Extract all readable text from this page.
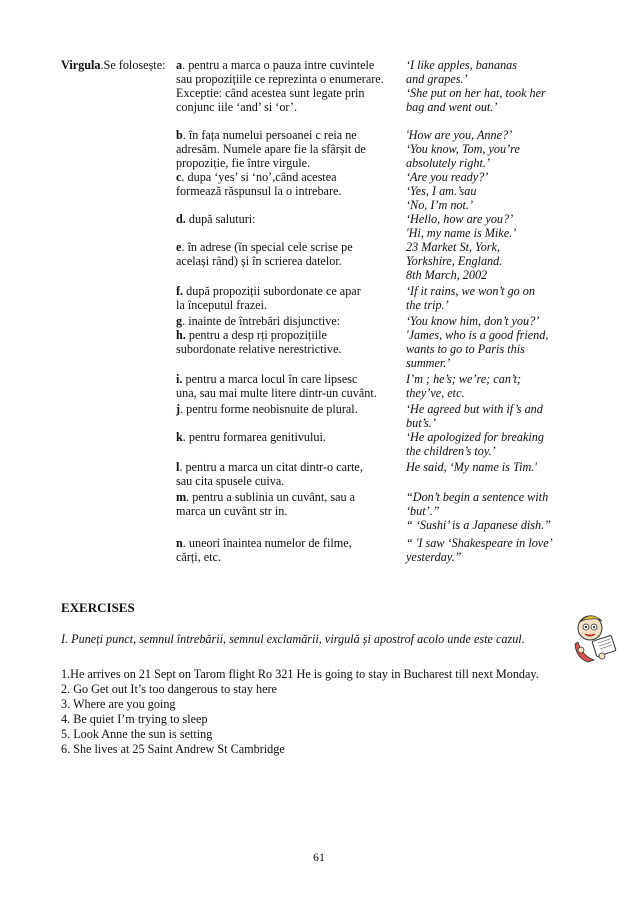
Virgula.Se folosește: a. pentru a marca o pauza intre cuvintele
sau propozițiile ce reprezinta o enumerare.
Exceptie: când acestea sunt legate prin
conjunc iile ‘and’ si ‘or’.
b. în fața numelui persoanei c reia ne
adresăm. Numele apare fie la sfârșit de
propoziție, fie între virgule.
c. dupa ‘yes’ si ‘no’,când acestea
formează răspunsul la o intrebare.
d. după saluturi:
e. în adrese (în special cele scrise pe
același rând) și în scrierea datelor.
f. după propoziții subordonate ce apar
la începutul frazei.
g. inainte de întrebări disjunctive:
h. pentru a desp rți propozițiile
subordonate relative nerestrictive.
i. pentru a marca locul în care lipsesc
una, sau mai multe litere dintr-un cuvânt.
j. pentru forme neobisnuite de plural.
k. pentru formarea genitivului.
l. pentru a marca un citat dintr-o carte,
sau cita spusele cuiva.
m. pentru a sublinia un cuvânt, sau a
marca un cuvânt str in.
n. uneori înaintea numelor de filme,
cărți, etc.
‘I like apples, bananas
and grapes.’
‘She put on her hat, took her
bag and went out.’
'How are you, Anne?’
‘You know, Tom, you’re
absolutely right.’
‘Are you ready?’
‘Yes, I am.’sau
‘No, I’m not.’
‘Hello, how are you?’
'Hi, my name is Mike.’
23 Market St, York,
Yorkshire, England.
8th March, 2002
‘If it rains, we won’t go on
the trip.’
‘You know him, don’t you?’
'James, who is a good friend,
wants to go to Paris this
summer.’
I’m ; he’s; we’re; can’t;
they’ve, etc.
‘He agreed but with if’s and
but’s.’
‘He apologized for breaking
the children’s toy.’
He said, ‘My name is Tim.'
“Don’t begin a sentence with
‘but’.”
“ ‘Sushi’ is a Japanese dish.”
“ 'I saw ‘Shakespeare in love’
yesterday.”
EXERCISES
I. Puneți punct, semnul întrebării, semnul exclamării, virgulă și apostrof acolo unde este cazul.
1.He arrives on 21 Sept on Tarom flight Ro 321 He is going to stay in Bucharest till next Monday.
2. Go Get out It’s too dangerous to stay here
3. Where are you going
4. Be quiet I’m trying to sleep
5. Look Anne the sun is setting
6. She lives at 25 Saint Andrew St Cambridge
61
